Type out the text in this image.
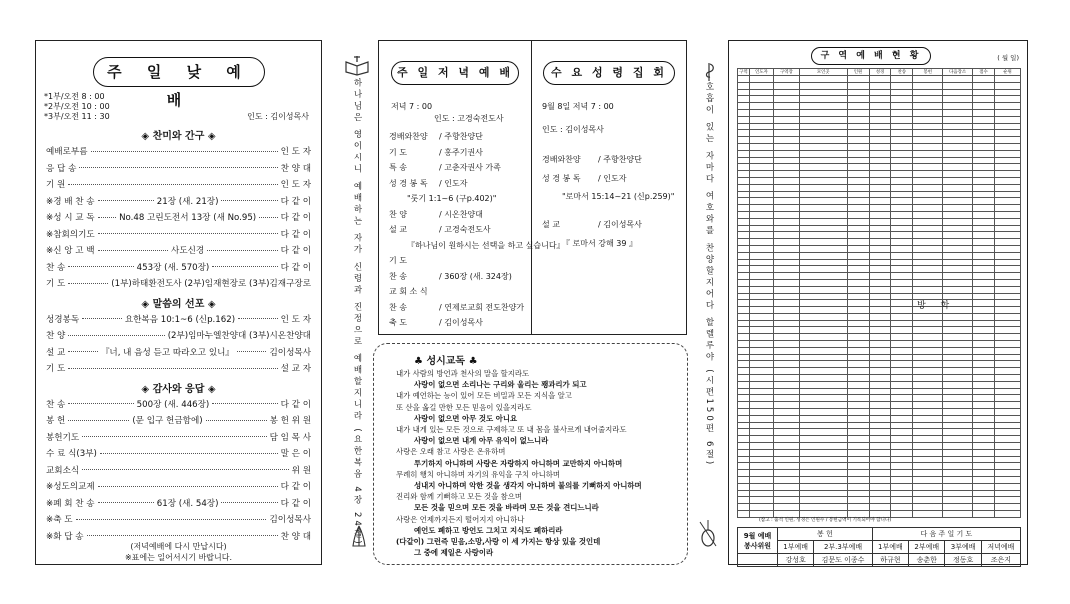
주 일 낮 예 배
*1부/오전 8 : 00
*2부/오전 10 : 00
*3부/오전 11 : 30	인도 : 김이성목사
(저녁예배에 다시 만납시다)
※표에는 일어서시기 바랍니다.
◈ 찬미와 간구 ◈
예배로부름	인 도 자
응 답 송	찬 양 대
기 원	인 도 자
※경 배 찬 송	21장 (새. 21장)	다 같 이
※성 시 교 독	No.48 고린도전서 13장 (새 No.95)	다 같 이
※참회의기도	다 같 이
※신 앙 고 백	사도신경	다 같 이
찬 송	453장 (새. 570장)	다 같 이
기 도	(1부)하태환전도사 (2부)임재현장로 (3부)김재구장로
◈ 말씀의 선포 ◈
성경봉독	요한복음 10:1~6 (신p.162)	인 도 자
찬 양	(2부)임마누엘찬양대 (3부)시온찬양대
설 교	『너, 내 음성 듣고 따라오고 있니』	김이성목사
기 도	설 교 자
◈ 감사와 응답 ◈
찬 송	500장 (새. 446장)	다 같 이
봉 헌	(문 입구 헌금함에)	봉 헌 위 원
봉헌기도	담 임 목 사
수 료 식(3부)	말 은 이
교회소식	위 원
※성도의교제	다 같 이
※폐 회 찬 송	61장 (새. 54장)	다 같 이
※축 도	김이성목사
※화 답 송	찬 양 대	하나님은 영이시니 예배하는 자가 신령과 진정으로 예배할지니라 (요한복음 4장 24절)
주 일 저 녁 예 배
저녁 7 : 00
인도 : 고경숙전도사
수 요 성 령 집 회
9월 8일 저녁 7 : 00
인도 : 김이성목사
경배와찬양 / 주향찬양단
기 도	/ 홍주기권사
특 송	/ 고춘자권사 가족
성 경 봉 독 / 인도자
"룻기 1:1~6 (구p.402)"
찬 양	/ 시온찬양대
설 교	/ 고경숙전도사
『하나님이 원하시는 선택을 하고 싶습니다』
기 도
찬 송	/ 360장 (새. 324장)
교 회 소 식
찬 송	/ 연제로교회 전도찬양가
축 도	/ 김이성목사
경배와찬양 / 주향찬양단
성 경 봉 독 / 인도자
"로마서 15:14~21 (신p.259)"
설 교	/ 김이성목사
『 로마서 강해 39 』
♣ 성시교독 ♣
내가 사람의 방언과 천사의 말을 할지라도
사랑이 없으면 소리나는 구리와 울리는 꽹과리가 되고
내가 예언하는 능이 있어 모든 비밀과 모든 지식을 알고
또 산을 옮길 만한 모든 믿음이 있을지라도
사랑이 없으면 아무 것도 아니요
내가 내게 있는 모든 것으로 구제하고 또 내 몸을 불사르게 내어줄지라도
사랑이 없으면 내게 아무 유익이 없느니라
사랑은 오래 참고 사랑은 온유하며
투기하지 아니하며 사랑은 자랑하지 아니하며 교만하지 아니하며
무례히 행치 아니하며 자기의 유익을 구치 아니하며
성내지 아니하며 악한 것을 생각지 아니하며 불의를 기뻐하지 아니하며
진리와 함께 기뻐하고 모든 것을 참으며
모든 것을 믿으며 모든 것을 바라며 모든 것을 견디느니라
사랑은 언제까지든지 떨어지지 아니하나
예언도 폐하고 방언도 그치고 지식도 폐하리라
(다같이) 그런즉 믿음,소망,사랑 이 세 가지는 항상 있을 것인데
그 중에 제일은 사랑이라
호흡이 있는 자마다 여호와를 찬양할지어다 할렐루야 (시편150편 6절)
구 역 예 배 현 황	( 월 일)
구역	인도자	구역장	모인곳	인원	성경	찬송	봉헌	다음장소	점수	순위

방 학
(참고 : 출석 인원, 성경은 인원수 / 봉헌금액이 기록되어야 합니다)
9월 예배
봉사위원	봉 헌		다 음 주 일 기 도			
	1부예배	2부.3부예배	1부예배	2부예배	3부예배	저녁예배
	강성호	김문도 이종수	하규현	송춘한	정동호	조은지
